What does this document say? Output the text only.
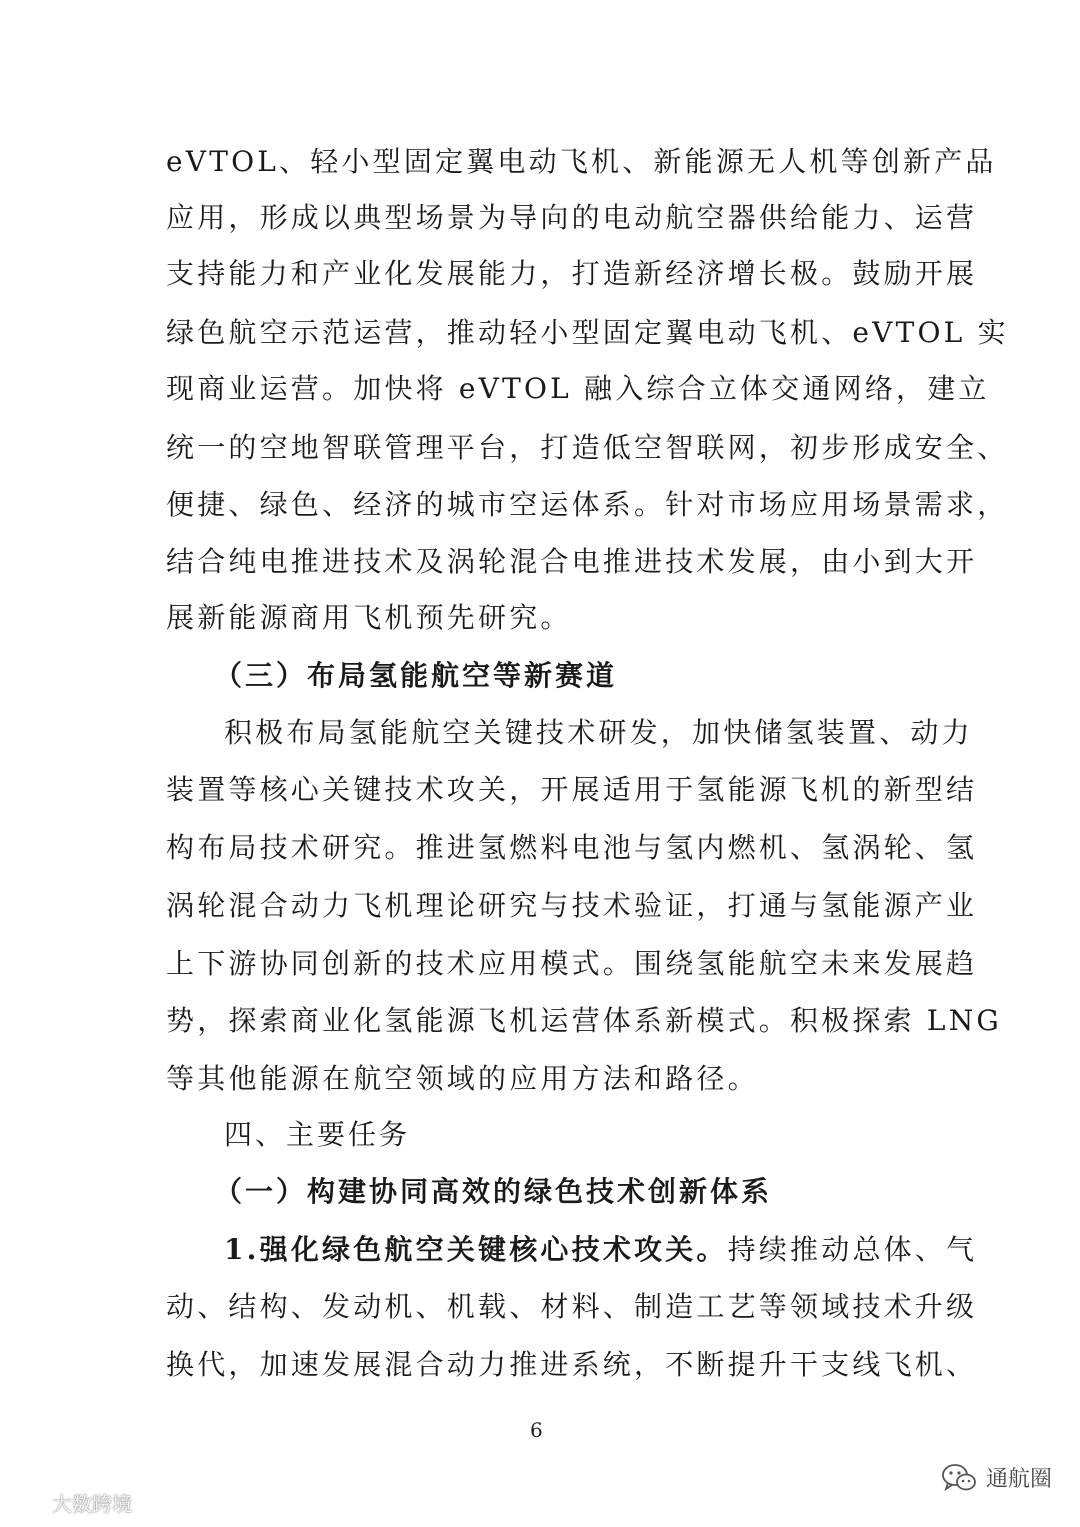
eVTOL、轻小型固定翼电动飞机、新能源无人机等创新产品
应用，形成以典型场景为导向的电动航空器供给能力、运营
支持能力和产业化发展能力，打造新经济增长极。鼓励开展
绿色航空示范运营，推动轻小型固定翼电动飞机、eVTOL 实
现商业运营。加快将 eVTOL 融入综合立体交通网络，建立
统一的空地智联管理平台，打造低空智联网，初步形成安全、
便捷、绿色、经济的城市空运体系。针对市场应用场景需求，
结合纯电推进技术及涡轮混合电推进技术发展，由小到大开
展新能源商用飞机预先研究。
（三）布局氢能航空等新赛道
积极布局氢能航空关键技术研发，加快储氢装置、动力
装置等核心关键技术攻关，开展适用于氢能源飞机的新型结
构布局技术研究。推进氢燃料电池与氢内燃机、氢涡轮、氢
涡轮混合动力飞机理论研究与技术验证，打通与氢能源产业
上下游协同创新的技术应用模式。围绕氢能航空未来发展趋
势，探索商业化氢能源飞机运营体系新模式。积极探索 LNG
等其他能源在航空领域的应用方法和路径。
四、主要任务
（一）构建协同高效的绿色技术创新体系
1.强化绿色航空关键核心技术攻关。持续推动总体、气
动、结构、发动机、机载、材料、制造工艺等领域技术升级
换代，加速发展混合动力推进系统，不断提升干支线飞机、
6
大数跨境
通航圈
